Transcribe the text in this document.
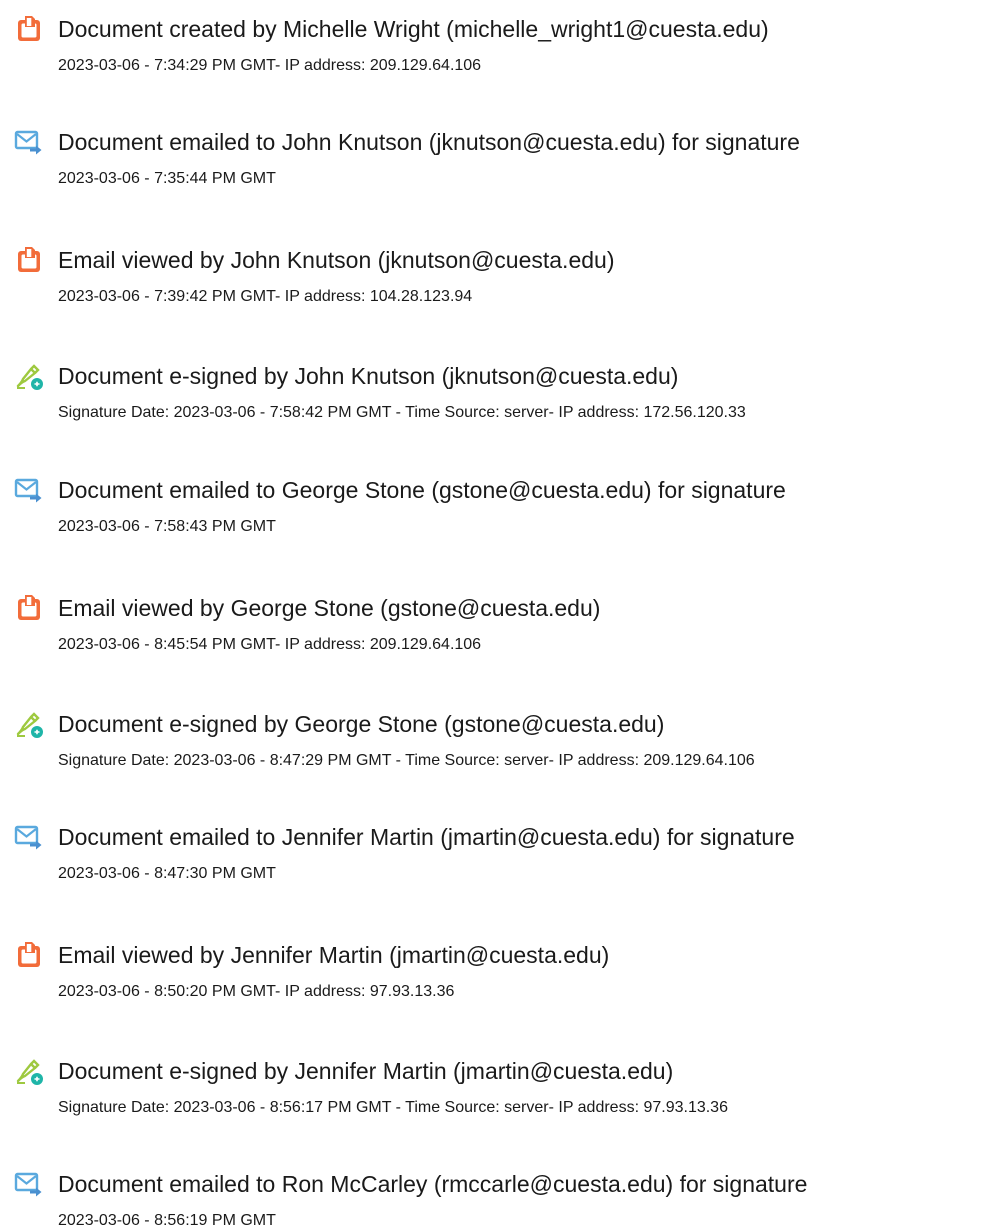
Document created by Michelle Wright (michelle_wright1@cuesta.edu)
2023-03-06 - 7:34:29 PM GMT- IP address: 209.129.64.106
Document emailed to John Knutson (jknutson@cuesta.edu) for signature
2023-03-06 - 7:35:44 PM GMT
Email viewed by John Knutson (jknutson@cuesta.edu)
2023-03-06 - 7:39:42 PM GMT- IP address: 104.28.123.94
Document e-signed by John Knutson (jknutson@cuesta.edu)
Signature Date: 2023-03-06 - 7:58:42 PM GMT - Time Source: server- IP address: 172.56.120.33
Document emailed to George Stone (gstone@cuesta.edu) for signature
2023-03-06 - 7:58:43 PM GMT
Email viewed by George Stone (gstone@cuesta.edu)
2023-03-06 - 8:45:54 PM GMT- IP address: 209.129.64.106
Document e-signed by George Stone (gstone@cuesta.edu)
Signature Date: 2023-03-06 - 8:47:29 PM GMT - Time Source: server- IP address: 209.129.64.106
Document emailed to Jennifer Martin (jmartin@cuesta.edu) for signature
2023-03-06 - 8:47:30 PM GMT
Email viewed by Jennifer Martin (jmartin@cuesta.edu)
2023-03-06 - 8:50:20 PM GMT- IP address: 97.93.13.36
Document e-signed by Jennifer Martin (jmartin@cuesta.edu)
Signature Date: 2023-03-06 - 8:56:17 PM GMT - Time Source: server- IP address: 97.93.13.36
Document emailed to Ron McCarley (rmccarle@cuesta.edu) for signature
2023-03-06 - 8:56:19 PM GMT
